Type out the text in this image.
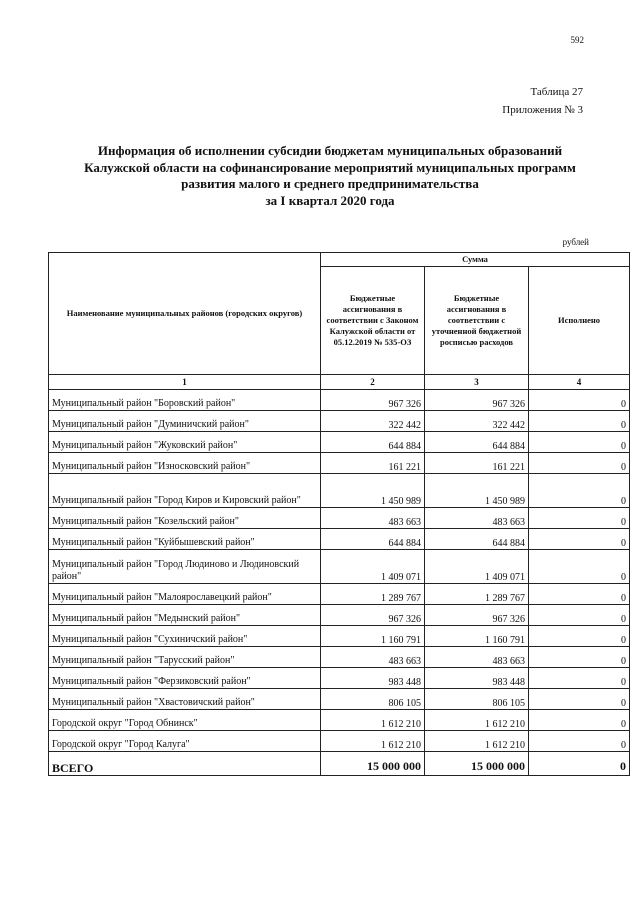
592
Таблица 27
Приложения № 3
Информация об исполнении субсидии бюджетам муниципальных образований
Калужской области на софинансирование мероприятий муниципальных программ
развития малого и среднего предпринимательства
за I квартал 2020 года
рублей
Наименование муниципальных районов (городских округов)	Сумма		
	Бюджетные ассигнования в соответствии с Законом Калужской области от 05.12.2019 № 535-ОЗ	Бюджетные ассигнования в соответствии с уточненной бюджетной росписью расходов	Исполнено
1	2	3	4
Муниципальный район "Боровский район"	967 326	967 326	0
Муниципальный район "Думиничский район"	322 442	322 442	0
Муниципальный район "Жуковский район"	644 884	644 884	0
Муниципальный район "Износковский район"	161 221	161 221	0
Муниципальный район "Город Киров и Кировский район"	1 450 989	1 450 989	0
Муниципальный район "Козельский район"	483 663	483 663	0
Муниципальный район "Куйбышевский район"	644 884	644 884	0
Муниципальный район "Город Людиново и Людиновский район"	1 409 071	1 409 071	0
Муниципальный район "Малоярославецкий район"	1 289 767	1 289 767	0
Муниципальный район "Медынский район"	967 326	967 326	0
Муниципальный район "Сухиничский район"	1 160 791	1 160 791	0
Муниципальный район "Тарусский район"	483 663	483 663	0
Муниципальный район "Ферзиковский район"	983 448	983 448	0
Муниципальный район "Хвастовичский район"	806 105	806 105	0
Городской округ "Город Обнинск"	1 612 210	1 612 210	0
Городской округ "Город Калуга"	1 612 210	1 612 210	0
ВСЕГО	15 000 000	15 000 000	0
